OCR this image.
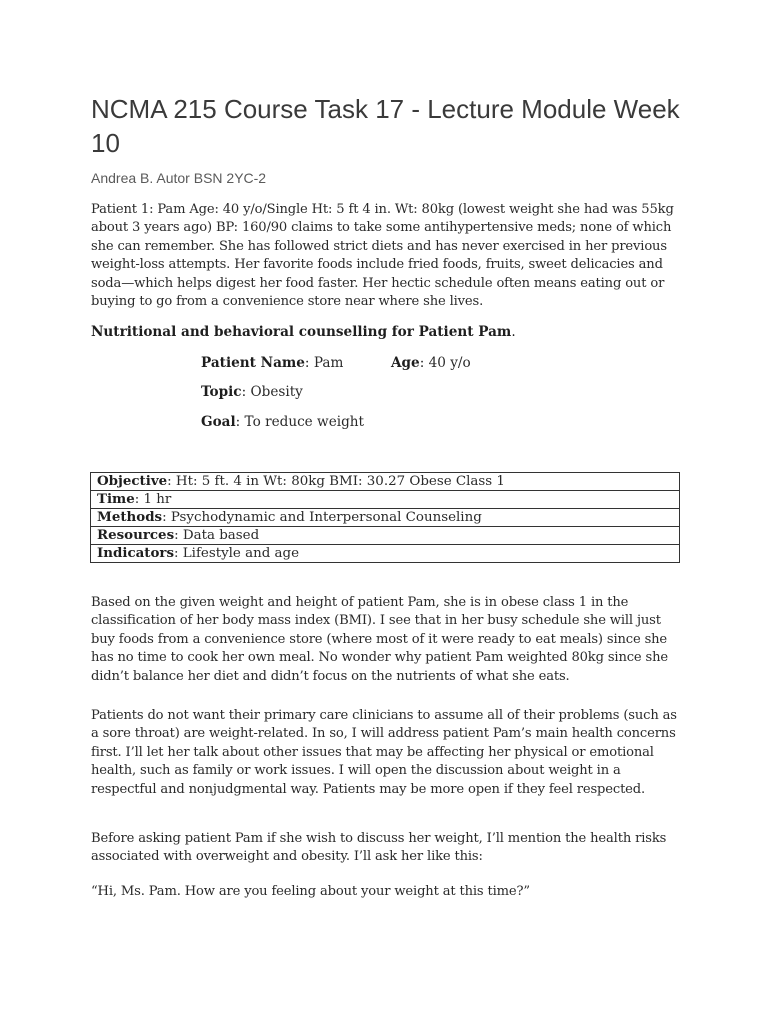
NCMA 215 Course Task 17 - Lecture Module Week 10
Andrea B. Autor BSN 2YC-2

Patient 1: Pam Age: 40 y/o/Single Ht: 5 ft 4 in. Wt: 80kg (lowest weight she had was 55kg about 3 years ago) BP: 160/90 claims to take some antihypertensive meds; none of which she can remember. She has followed strict diets and has never exercised in her previous weight-loss attempts. Her favorite foods include fried foods, fruits, sweet delicacies and soda—which helps digest her food faster. Her hectic schedule often means eating out or buying to go from a convenience store near where she lives.

Nutritional and behavioral counselling for Patient Pam.

Patient Name: Pam	Age: 40 y/o
Topic: Obesity
Goal: To reduce weight
Objective: Ht: 5 ft. 4 in Wt: 80kg BMI: 30.27 Obese Class 1
Time: 1 hr
Methods: Psychodynamic and Interpersonal Counseling
Resources: Data based
Indicators: Lifestyle and age

Based on the given weight and height of patient Pam, she is in obese class 1 in the classification of her body mass index (BMI). I see that in her busy schedule she will just buy foods from a convenience store (where most of it were ready to eat meals) since she has no time to cook her own meal. No wonder why patient Pam weighted 80kg since she didn’t balance her diet and didn’t focus on the nutrients of what she eats.

Patients do not want their primary care clinicians to assume all of their problems (such as a sore throat) are weight-related. In so, I will address patient Pam’s main health concerns first. I’ll let her talk about other issues that may be affecting her physical or emotional health, such as family or work issues. I will open the discussion about weight in a respectful and nonjudgmental way. Patients may be more open if they feel respected.

Before asking patient Pam if she wish to discuss her weight, I’ll mention the health risks associated with overweight and obesity. I’ll ask her like this:

“Hi, Ms. Pam. How are you feeling about your weight at this time?”
